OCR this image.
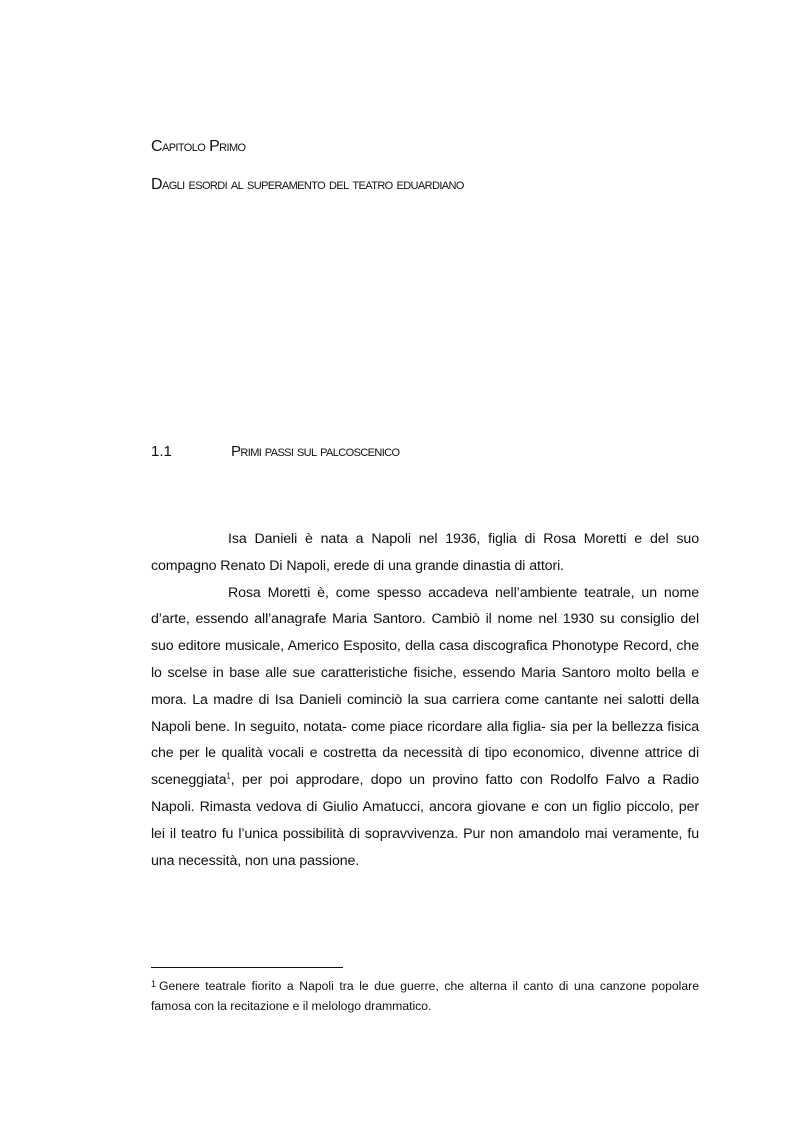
Capitolo Primo
Dagli esordi al superamento del teatro eduardiano
1.1	Primi passi sul palcoscenico

Isa Danieli è nata a Napoli nel 1936, figlia di Rosa Moretti e del suo compagno Renato Di Napoli, erede di una grande dinastia di attori.

Rosa Moretti è, come spesso accadeva nell’ambiente teatrale, un nome d’arte, essendo all’anagrafe Maria Santoro. Cambiò il nome nel 1930 su consiglio del suo editore musicale, Americo Esposito, della casa discografica Phonotype Record, che lo scelse in base alle sue caratteristiche fisiche, essendo Maria Santoro molto bella e mora. La madre di Isa Danieli cominciò la sua carriera come cantante nei salotti della Napoli bene. In seguito, notata- come piace ricordare alla figlia- sia per la bellezza fisica che per le qualità vocali e costretta da necessità di tipo economico, divenne attrice di sceneggiata$^1$, per poi approdare, dopo un provino fatto con Rodolfo Falvo a Radio Napoli. Rimasta vedova di Giulio Amatucci, ancora giovane e con un figlio piccolo, per lei il teatro fu l’unica possibilità di sopravvivenza. Pur non amandolo mai veramente, fu una necessità, non una passione.

$^1$ Genere teatrale fiorito a Napoli tra le due guerre, che alterna il canto di una canzone popolare famosa con la recitazione e il melologo drammatico.
